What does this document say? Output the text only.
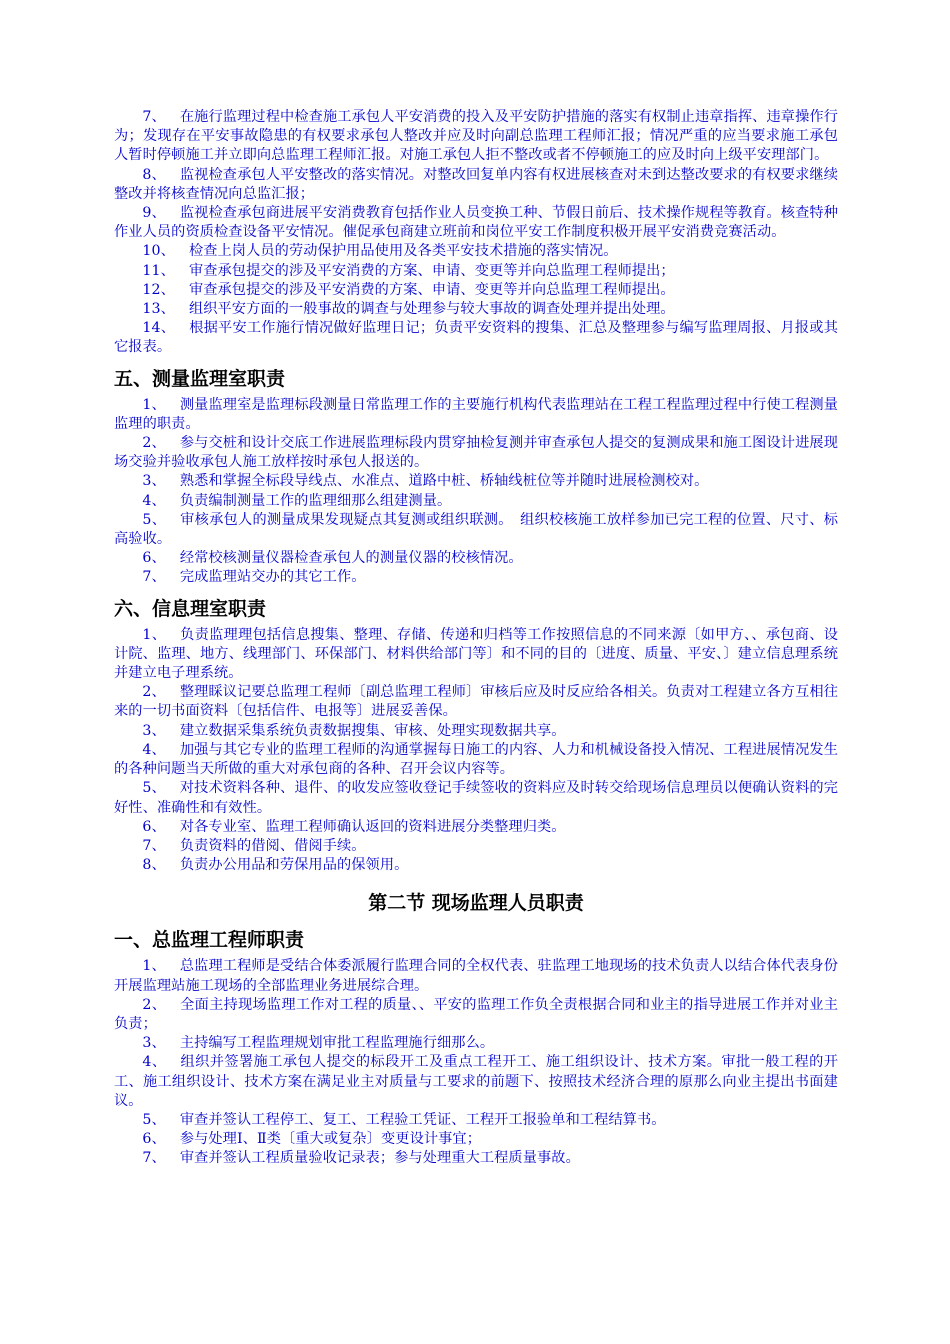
7、 在施行监理过程中检查施工承包人平安消费的投入及平安防护措施的落实有权制止违章指挥、违章操作行为；发现存在平安事故隐患的有权要求承包人整改并应及时向副总监理工程师汇报；情况严重的应当要求施工承包人暂时停顿施工并立即向总监理工程师汇报。对施工承包人拒不整改或者不停顿施工的应及时向上级平安理部门。

8、 监视检查承包人平安整改的落实情况。对整改回复单内容有权进展核查对未到达整改要求的有权要求继续整改并将核查情况向总监汇报；

9、 监视检查承包商进展平安消费教育包括作业人员变换工种、节假日前后、技术操作规程等教育。核查特种作业人员的资质检查设备平安情况。催促承包商建立班前和岗位平安工作制度积极开展平安消费竞赛活动。

10、 检查上岗人员的劳动保护用品使用及各类平安技术措施的落实情况。

11、 审查承包提交的涉及平安消费的方案、申请、变更等并向总监理工程师提出；

12、 审查承包提交的涉及平安消费的方案、申请、变更等并向总监理工程师提出。

13、 组织平安方面的一般事故的调查与处理参与较大事故的调查处理并提出处理。

14、 根据平安工作施行情况做好监理日记；负责平安资料的搜集、汇总及整理参与编写监理周报、月报或其它报表。

五、测量监理室职责

1、 测量监理室是监理标段测量日常监理工作的主要施行机构代表监理站在工程工程监理过程中行使工程测量监理的职责。

2、 参与交桩和设计交底工作进展监理标段内贯穿抽检复测并审查承包人提交的复测成果和施工图设计进展现场交验并验收承包人施工放样按时承包人报送的。

3、 熟悉和掌握全标段导线点、水准点、道路中桩、桥轴线桩位等并随时进展检测校对。

4、 负责编制测量工作的监理细那么组建测量。

5、 审核承包人的测量成果发现疑点其复测或组织联测。　组织校核施工放样参加已完工程的位置、尺寸、标高验收。

6、 经常校核测量仪器检查承包人的测量仪器的校核情况。

7、 完成监理站交办的其它工作。

六、信息理室职责

1、 负责监理理包括信息搜集、整理、存储、传递和归档等工作按照信息的不同来源〔如甲方、、承包商、设计院、监理、地方、线理部门、环保部门、材料供给部门等〕和不同的目的〔进度、质量、平安、〕建立信息理系统并建立电子理系统。

2、 整理睬议记要总监理工程师〔副总监理工程师〕审核后应及时反应给各相关。负责对工程建立各方互相往来的一切书面资料〔包括信件、电报等〕进展妥善保。

3、 建立数据采集系统负责数据搜集、审核、处理实现数据共享。

4、 加强与其它专业的监理工程师的沟通掌握每日施工的内容、人力和机械设备投入情况、工程进展情况发生的各种问题当天所做的重大对承包商的各种、召开会议内容等。

5、 对技术资料各种、退件、的收发应签收登记手续签收的资料应及时转交给现场信息理员以便确认资料的完好性、准确性和有效性。

6、 对各专业室、监理工程师确认返回的资料进展分类整理归类。

7、 负责资料的借阅、借阅手续。

8、 负责办公用品和劳保用品的保领用。

第二节 现场监理人员职责
一、总监理工程师职责

1、 总监理工程师是受结合体委派履行监理合同的全权代表、驻监理工地现场的技术负责人以结合体代表身份开展监理站施工现场的全部监理业务进展综合理。

2、 全面主持现场监理工作对工程的质量、、平安的监理工作负全责根据合同和业主的指导进展工作并对业主负责；

3、 主持编写工程监理规划审批工程监理施行细那么。

4、 组织并签署施工承包人提交的标段开工及重点工程开工、施工组织设计、技术方案。审批一般工程的开工、施工组织设计、技术方案在满足业主对质量与工要求的前题下、按照技术经济合理的原那么向业主提出书面建议。

5、 审查并签认工程停工、复工、工程验工凭证、工程开工报验单和工程结算书。

6、 参与处理Ⅰ、Ⅱ类〔重大或复杂〕变更设计事宜；

7、 审查并签认工程质量验收记录表；参与处理重大工程质量事故。
